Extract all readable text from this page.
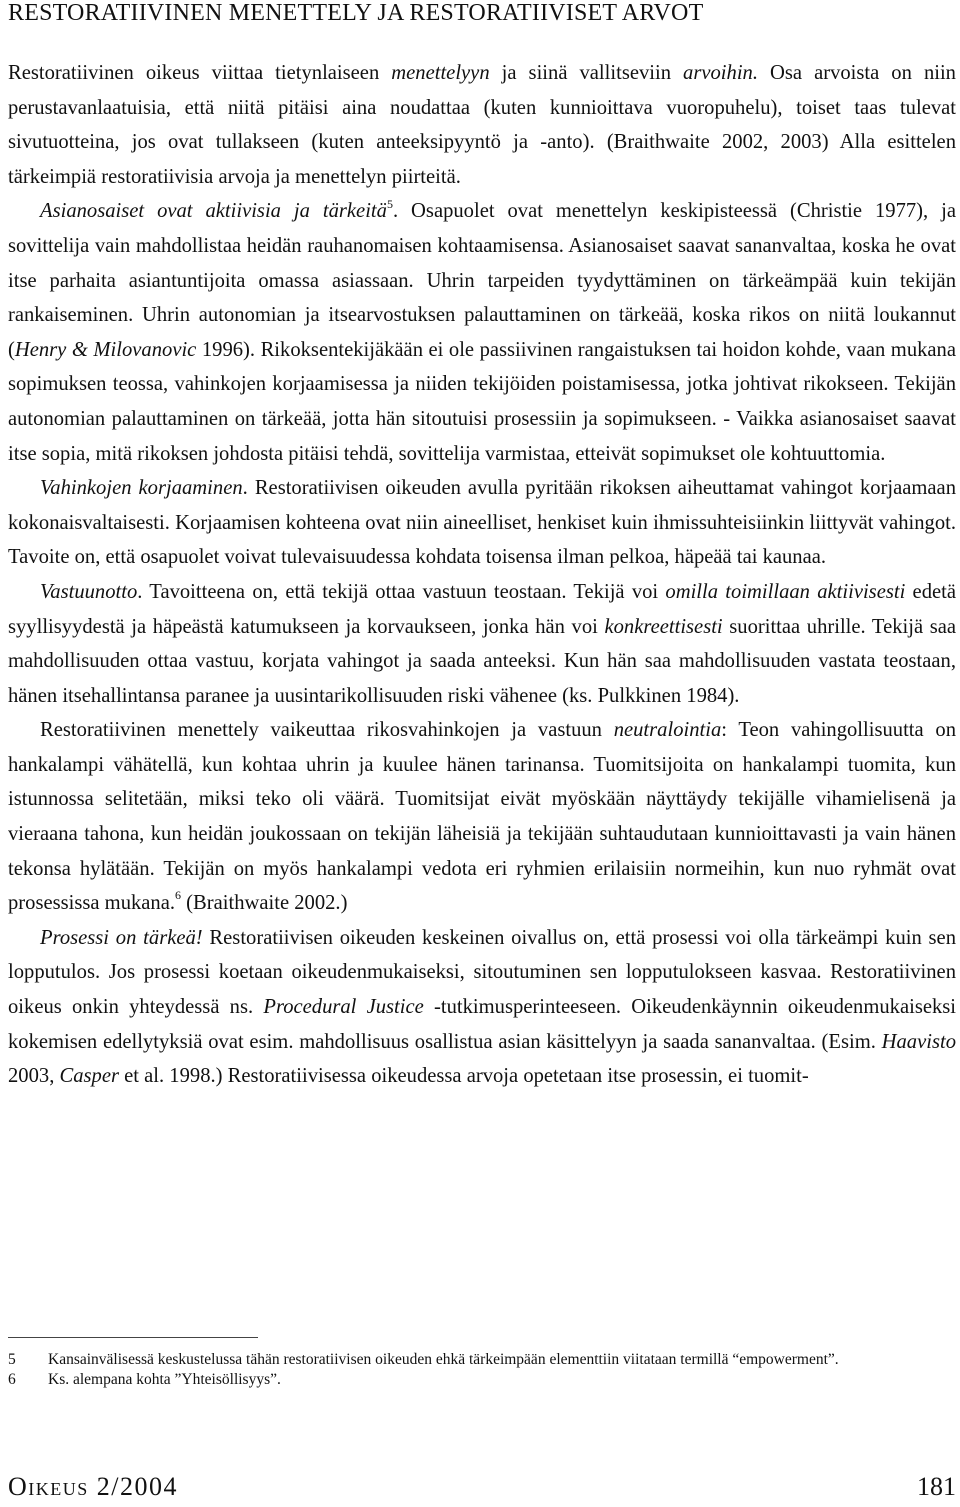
RESTORATIIVINEN MENETTELY JA RESTORATIIVISET ARVOT

Restoratiivinen oikeus viittaa tietynlaiseen menettelyyn ja siinä vallitseviin arvoihin. Osa arvoista on niin perustavanlaatuisia, että niitä pitäisi aina noudattaa (kuten kunnioittava vuoropuhelu), toiset taas tulevat sivutuotteina, jos ovat tullakseen (kuten anteeksipyyntö ja -anto). (Braithwaite 2002, 2003) Alla esittelen tärkeimpiä restoratiivisia arvoja ja menettelyn piirteitä.

Asianosaiset ovat aktiivisia ja tärkeitä$^5$. Osapuolet ovat menettelyn keskipisteessä (Christie 1977), ja sovittelija vain mahdollistaa heidän rauhanomaisen kohtaamisensa. Asianosaiset saavat sananvaltaa, koska he ovat itse parhaita asiantuntijoita omassa asiassaan. Uhrin tarpeiden tyydyttäminen on tärkeämpää kuin tekijän rankaiseminen. Uhrin autonomian ja itsearvostuksen palauttaminen on tärkeää, koska rikos on niitä loukannut (Henry & Milovanovic 1996). Rikoksentekijäkään ei ole passiivinen rangaistuksen tai hoidon kohde, vaan mukana sopimuksen teossa, vahinkojen korjaamisessa ja niiden tekijöiden poistamisessa, jotka johtivat rikokseen. Tekijän autonomian palauttaminen on tärkeää, jotta hän sitoutuisi prosessiin ja sopimukseen. - Vaikka asianosaiset saavat itse sopia, mitä rikoksen johdosta pitäisi tehdä, sovittelija varmistaa, etteivät sopimukset ole kohtuuttomia.

Vahinkojen korjaaminen. Restoratiivisen oikeuden avulla pyritään rikoksen aiheuttamat vahingot korjaamaan kokonaisvaltaisesti. Korjaamisen kohteena ovat niin aineelliset, henkiset kuin ihmissuhteisiinkin liittyvät vahingot. Tavoite on, että osapuolet voivat tulevaisuudessa kohdata toisensa ilman pelkoa, häpeää tai kaunaa.

Vastuunotto. Tavoitteena on, että tekijä ottaa vastuun teostaan. Tekijä voi omilla toimillaan aktiivisesti edetä syyllisyydestä ja häpeästä katumukseen ja korvaukseen, jonka hän voi konkreettisesti suorittaa uhrille. Tekijä saa mahdollisuuden ottaa vastuu, korjata vahingot ja saada anteeksi. Kun hän saa mahdollisuuden vastata teostaan, hänen itsehallintansa paranee ja uusintarikollisuuden riski vähenee (ks. Pulkkinen 1984).

Restoratiivinen menettely vaikeuttaa rikosvahinkojen ja vastuun neutralointia: Teon vahingollisuutta on hankalampi vähätellä, kun kohtaa uhrin ja kuulee hänen tarinansa. Tuomitsijoita on hankalampi tuomita, kun istunnossa selitetään, miksi teko oli väärä. Tuomitsijat eivät myöskään näyttäydy tekijälle vihamielisenä ja vieraana tahona, kun heidän joukossaan on tekijän läheisiä ja tekijään suhtaudutaan kunnioittavasti ja vain hänen tekonsa hylätään. Tekijän on myös hankalampi vedota eri ryhmien erilaisiin normeihin, kun nuo ryhmät ovat prosessissa mukana.$^6$ (Braithwaite 2002.)

Prosessi on tärkeä! Restoratiivisen oikeuden keskeinen oivallus on, että prosessi voi olla tärkeämpi kuin sen lopputulos. Jos prosessi koetaan oikeudenmukaiseksi, sitoutuminen sen lopputulokseen kasvaa. Restoratiivinen oikeus onkin yhteydessä ns. Procedural Justice -tutkimusperinteeseen. Oikeudenkäynnin oikeudenmukaiseksi kokemisen edellytyksiä ovat esim. mahdollisuus osallistua asian käsittelyyn ja saada sananvaltaa. (Esim. Haavisto 2003, Casper et al. 1998.) Restoratiivisessa oikeudessa arvoja opetetaan itse prosessin, ei tuomit-

5	Kansainvälisessä keskustelussa tähän restoratiivisen oikeuden ehkä tärkeimpään elementtiin viitataan termillä “empowerment”.
6	Ks. alempana kohta ”Yhteisöllisyys”.
Oikeus 2/2004	181
